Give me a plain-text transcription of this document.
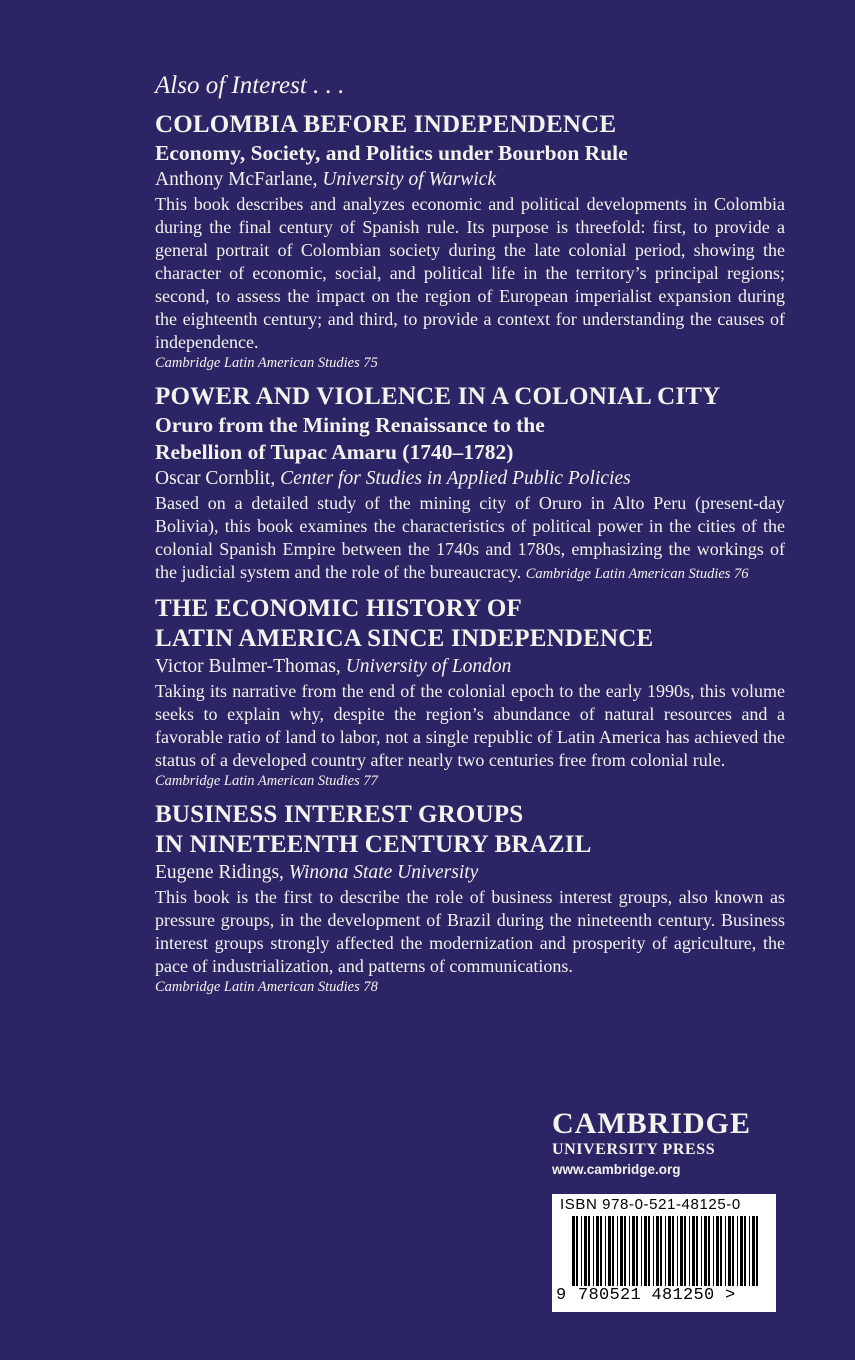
Also of Interest . . .
COLOMBIA BEFORE INDEPENDENCE
Economy, Society, and Politics under Bourbon Rule
Anthony McFarlane, University of Warwick
This book describes and analyzes economic and political developments in Colombia during the final century of Spanish rule. Its purpose is threefold: first, to provide a general portrait of Colombian society during the late colonial period, showing the character of economic, social, and political life in the territory’s principal regions; second, to assess the impact on the region of European imperialist expansion during the eighteenth century; and third, to provide a context for understanding the causes of independence.
Cambridge Latin American Studies 75
POWER AND VIOLENCE IN A COLONIAL CITY
Oruro from the Mining Renaissance to the
Rebellion of Tupac Amaru (1740–1782)
Oscar Cornblit, Center for Studies in Applied Public Policies
Based on a detailed study of the mining city of Oruro in Alto Peru (present-day Bolivia), this book examines the characteristics of political power in the cities of the colonial Spanish Empire between the 1740s and 1780s, emphasizing the workings of the judicial system and the role of the bureaucracy. Cambridge Latin American Studies 76
THE ECONOMIC HISTORY OF
LATIN AMERICA SINCE INDEPENDENCE
Victor Bulmer-Thomas, University of London
Taking its narrative from the end of the colonial epoch to the early 1990s, this volume seeks to explain why, despite the region’s abundance of natural resources and a favorable ratio of land to labor, not a single republic of Latin America has achieved the status of a developed country after nearly two centuries free from colonial rule.
Cambridge Latin American Studies 77
BUSINESS INTEREST GROUPS
IN NINETEENTH CENTURY BRAZIL
Eugene Ridings, Winona State University
This book is the first to describe the role of business interest groups, also known as pressure groups, in the development of Brazil during the nineteenth century. Business interest groups strongly affected the modernization and prosperity of agriculture, the pace of industrialization, and patterns of communications.
Cambridge Latin American Studies 78
CAMBRIDGE
UNIVERSITY PRESS
www.cambridge.org
ISBN 978-0-521-48125-0
9 780521 481250 >
